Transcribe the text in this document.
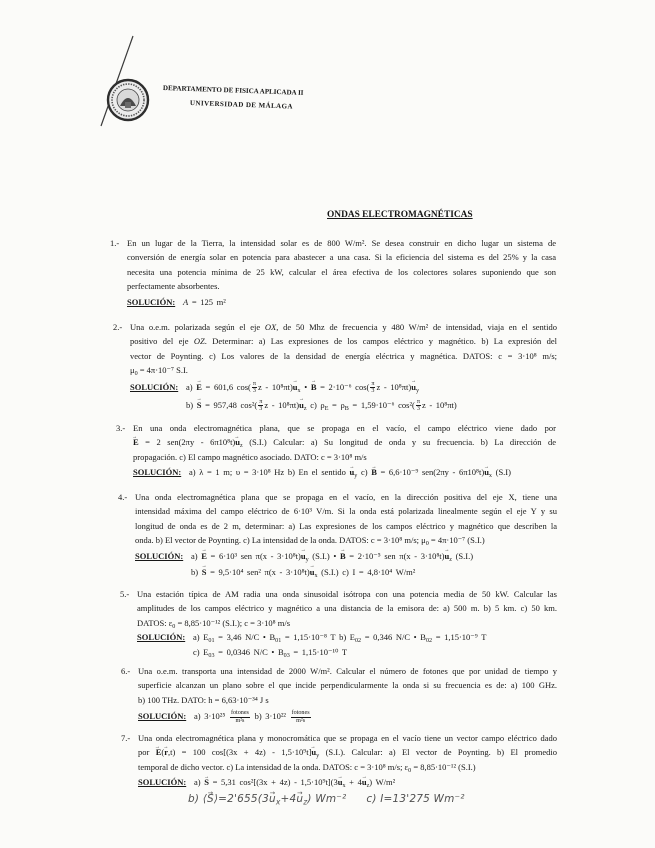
DEPARTAMENTO DE FISICA APLICADA II
UNIVERSIDAD DE MÁLAGA
ONDAS ELECTROMAGNÉTICAS
1.- En un lugar de la Tierra, la intensidad solar es de 800 W/m². Se desea construir en dicho lugar un sistema de
conversión de energía solar en potencia para abastecer a una casa. Si la eficiencia del sistema es del 25% y la casa
necesita una potencia mínima de 25 kW, calcular el área efectiva de los colectores solares suponiendo que son
perfectamente absorbentes.
SOLUCIÓN: A = 125 m²
2.- Una o.e.m. polarizada según el eje OX, de 50 Mhz de frecuencia y 480 W/m² de intensidad, viaja en el sentido
positivo del eje OZ. Determinar: a) Las expresiones de los campos eléctrico y magnético. b) La expresión del
vector de Poynting. c) Los valores de la densidad de energía eléctrica y magnética. DATOS: c = 3·10⁸ m/s;
$\mu_0 = 4\pi\cdot 10^{-7}$ S.I.
SOLUCIÓN: a) E → = 601,6 $\cos( \frac{\pi}{3}$ $z - 10^8\pi t)u \to_x$ • B → = 2·10⁻⁶ $\cos( \frac{\pi}{3}$ $z - 10^8\pi t)u \to_y$
b) S → = 957,48 $\cos^2( \frac{\pi}{3}$ $z - 10^8\pi t)u \to_z$ c) $\rho_E = \rho_B = 1,59\cdot 10^{-6}$ $\cos^2( \frac{\pi}{3}$ z - 10⁸πt)
3.- En una onda electromagnética plana, que se propaga en el vacío, el campo eléctrico viene dado por
E → = 2 $sen(2\pi y - 6\pi 10^8t)u \to_z$ (S.I.) Calcular: a) Su longitud de onda y su frecuencia. b) La dirección de
propagación. c) El campo magnético asociado. DATO: c = 3·10⁸ m/s
SOLUCIÓN: a) λ = 1 m; υ = 3·10⁸ Hz b) En el sentido $u \to_y$ c) B → = 6,6·10⁻⁹ $sen(2\pi y - 6\pi 10^8t)u \to_x$ (S.I)
4.- Una onda electromagnética plana que se propaga en el vacío, en la dirección positiva del eje X, tiene una
intensidad máxima del campo eléctrico de 6·10³ V/m. Si la onda está polarizada linealmente según el eje Y y su
longitud de onda es de 2 m, determinar: a) Las expresiones de los campos eléctrico y magnético que describen la
onda. b) El vector de Poynting. c) La intensidad de la onda. DATOS: c = 3·10⁸ m/s; $\mu_0 = 4\pi\cdot 10^{-7}$ (S.I.)
SOLUCIÓN: a) E → = 6·10³ sen $\pi(x - 3\cdot 10^8t)u \to_y$ (S.I.) • B → = 2·10⁻⁵ sen $\pi(x - 3\cdot 10^8t)u \to_z$ (S.I.)
b) S → = 9,5·10⁴ sen² $\pi(x - 3\cdot 10^8t)u \to_x$ (S.I.) c) I = 4,8·10⁴ W/m²
5.- Una estación típica de AM radia una onda sinusoidal isótropa con una potencia media de 50 kW. Calcular las
amplitudes de los campos eléctrico y magnético a una distancia de la emisora de: a) 500 m. b) 5 km. c) 50 km.
DATOS: $\varepsilon_0 = 8,85\cdot 10^{-12}$ (S.I.); c = 3·10⁸ m/s
SOLUCIÓN: a) $E_{01} = 3,46$ N/C • $B_{01} = 1,15\cdot 10^{-8}$ T b) $E_{02} = 0,346$ N/C • $B_{02} = 1,15\cdot 10^{-9}$ T
c) $E_{03} = 0,0346$ N/C • $B_{03} = 1,15\cdot 10^{-10}$ T
6.- Una o.e.m. transporta una intensidad de 2000 W/m². Calcular el número de fotones que por unidad de tiempo y
superficie alcanzan un plano sobre el que incide perpendicularmente la onda si su frecuencia es de: a) 100 GHz.
b) 100 THz. DATO: h = 6,63·10⁻³⁴ J s
SOLUCIÓN: a) $3\cdot 10^{25} \frac{\text{fotones}}{\text{m²s}} b$) $3\cdot 10^{22} \frac{\text{fotones}}{\text{m²s}}$
7.- Una onda electromagnética plana y monocromática que se propaga en el vacío tiene un vector campo eléctrico dado
por E →(r →,t) = 100 $\cos[(3x + 4z) - 1,5\cdot 10^9t]u \to_y$ (S.I.). Calcular: a) El vector de Poynting. b) El promedio
temporal de dicho vector. c) La intensidad de la onda. DATOS: c = 3·10⁸ m/s; $\varepsilon_0 = 8,85\cdot 10^{-12}$ (S.I.)
SOLUCIÓN: a) S → = 5,31 $\cos^2[(3x + 4z) - 1,5\cdot 10^9t](3u \to_x + 4u \to_z)$ W/m²
b) ⟨S →⟩=2'655(3u $\to_x+4u \to_z$) Wm⁻² c) I=13'275 Wm⁻²
